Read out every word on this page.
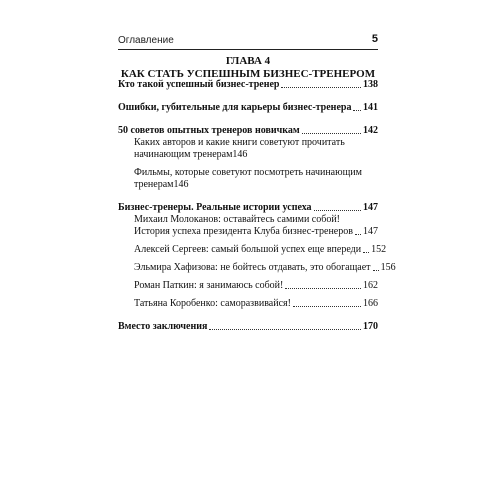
Оглавление	5
ГЛАВА 4
КАК СТАТЬ УСПЕШНЫМ БИЗНЕС-ТРЕНЕРОМ
Кто такой успешный бизнес-тренер	138
Ошибки, губительные для карьеры бизнес-тренера 141
50 советов опытных тренеров новичкам	142
Каких авторов и какие книги советуют прочитать
начинающим тренерам 146
Фильмы, которые советуют посмотреть начинающим
тренерам 146
Бизнес-тренеры. Реальные истории успеха	147
Михаил Молоканов: оставайтесь самими собой!
История успеха президента Клуба бизнес-тренеров 147
Алексей Сергеев: самый большой успех еще впереди 152
Эльмира Хафизова: не бойтесь отдавать, это обогащает 156
Роман Паткин: я занимаюсь собой!	162
Татьяна Коробенко: саморазвивайся!	166
Вместо заключения	170
